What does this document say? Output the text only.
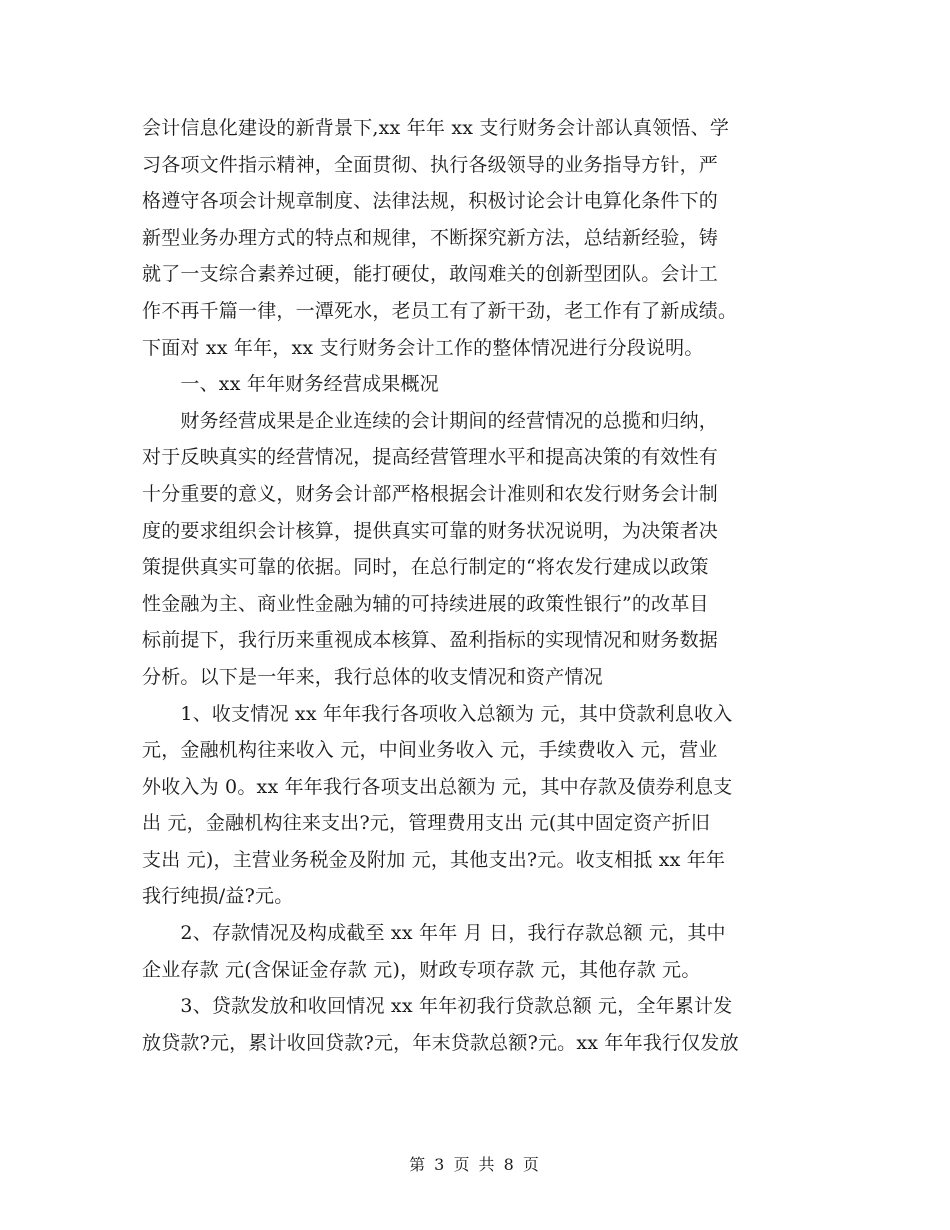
会计信息化建设的新背景下,xx 年年 xx 支行财务会计部认真领悟、学
习各项文件指示精神，全面贯彻、执行各级领导的业务指导方针，严
格遵守各项会计规章制度、法律法规，积极讨论会计电算化条件下的
新型业务办理方式的特点和规律，不断探究新方法，总结新经验，铸
就了一支综合素养过硬，能打硬仗，敢闯难关的创新型团队。会计工
作不再千篇一律，一潭死水，老员工有了新干劲，老工作有了新成绩。
下面对 xx 年年，xx 支行财务会计工作的整体情况进行分段说明。
　　一、xx 年年财务经营成果概况
　　财务经营成果是企业连续的会计期间的经营情况的总揽和归纳，
对于反映真实的经营情况，提高经营管理水平和提高决策的有效性有
十分重要的意义，财务会计部严格根据会计准则和农发行财务会计制
度的要求组织会计核算，提供真实可靠的财务状况说明，为决策者决
策提供真实可靠的依据。同时，在总行制定的“将农发行建成以政策
性金融为主、商业性金融为辅的可持续进展的政策性银行”的改革目
标前提下，我行历来重视成本核算、盈利指标的实现情况和财务数据
分析。以下是一年来，我行总体的收支情况和资产情况
　　1、收支情况 xx 年年我行各项收入总额为 元，其中贷款利息收入
元，金融机构往来收入 元，中间业务收入 元，手续费收入 元，营业
外收入为 0。xx 年年我行各项支出总额为 元，其中存款及债券利息支
出 元，金融机构往来支出?元，管理费用支出 元(其中固定资产折旧
支出 元)，主营业务税金及附加 元，其他支出?元。收支相抵 xx 年年
我行纯损/益?元。
　　2、存款情况及构成截至 xx 年年 月 日，我行存款总额 元，其中
企业存款 元(含保证金存款 元)，财政专项存款 元，其他存款 元。
　　3、贷款发放和收回情况 xx 年年初我行贷款总额 元，全年累计发
放贷款?元，累计收回贷款?元，年末贷款总额?元。xx 年年我行仅发放
第 3 页 共 8 页
